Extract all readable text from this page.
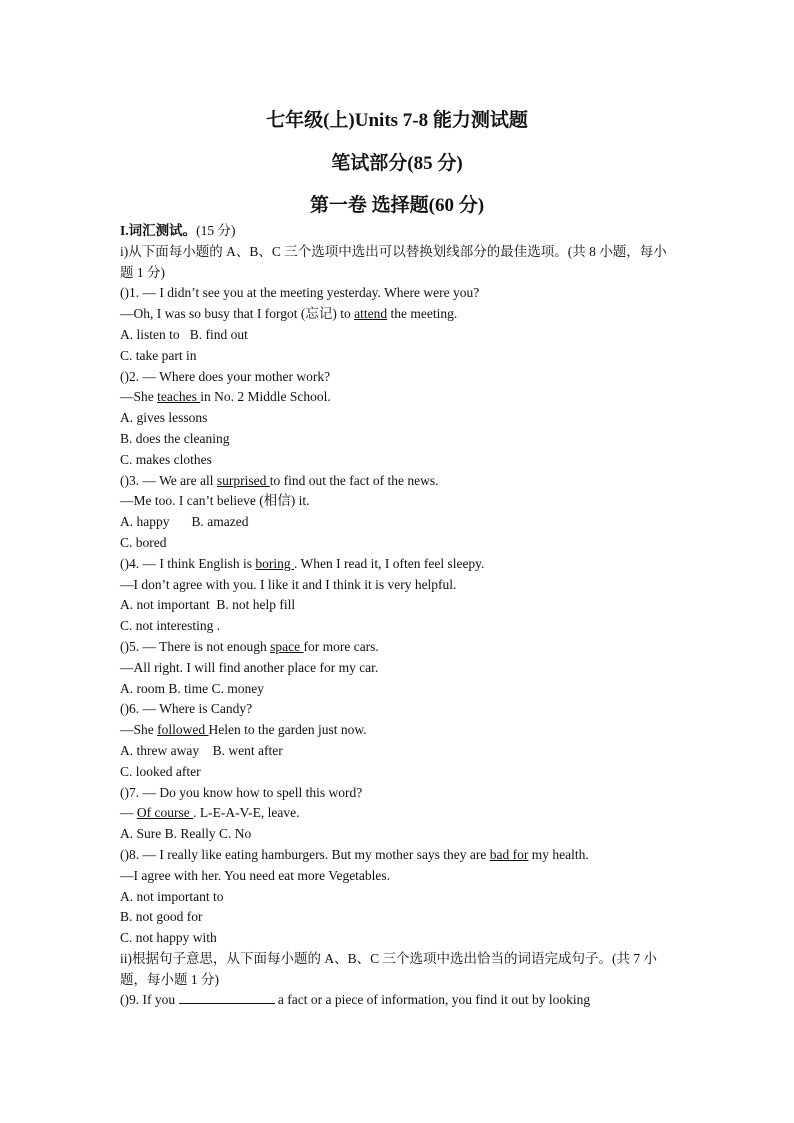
七年级(上)Units 7-8 能力测试题
笔试部分(85 分)
第一卷 选择题(60 分)
I.词汇测试。(15 分)
i)从下面每小题的 A、B、C 三个选项中选出可以替换划线部分的最佳选项。(共 8 小题，每小题 1 分)
()1. — I didn’t see you at the meeting yesterday. Where were you?
—Oh, I was so busy that I forgot (忘记) to attend the meeting.
A. listen to B. find out
C. take part in
()2. — Where does your mother work?
—She teaches in No. 2 Middle School.
A. gives lessons
B. does the cleaning
C. makes clothes
()3. — We are all surprised to find out the fact of the news.
—Me too. I can’t believe (相信) it.
A. happy B. amazed
C. bored
()4. — I think English is boring . When I read it, I often feel sleepy.
—I don’t agree with you. I like it and I think it is very helpful.
A. not important B. not help fill
C. not interesting .
()5. — There is not enough space for more cars.
—All right. I will find another place for my car.
A. room B. time C. money
()6. — Where is Candy?
—She followed Helen to the garden just now.
A. threw away B. went after
C. looked after
()7. — Do you know how to spell this word?
— Of course . L-E-A-V-E, leave.
A. Sure B. Really C. No
()8. — I really like eating hamburgers. But my mother says they are bad for my health.
—I agree with her. You need eat more Vegetables.
A. not important to
B. not good for
C. not happy with
ii)根据句子意思，从下面每小题的 A、B、C 三个选项中选出恰当的词语完成句子。(共 7 小题，每小题 1 分)
()9. If you	a fact or a piece of information, you find it out by looking
